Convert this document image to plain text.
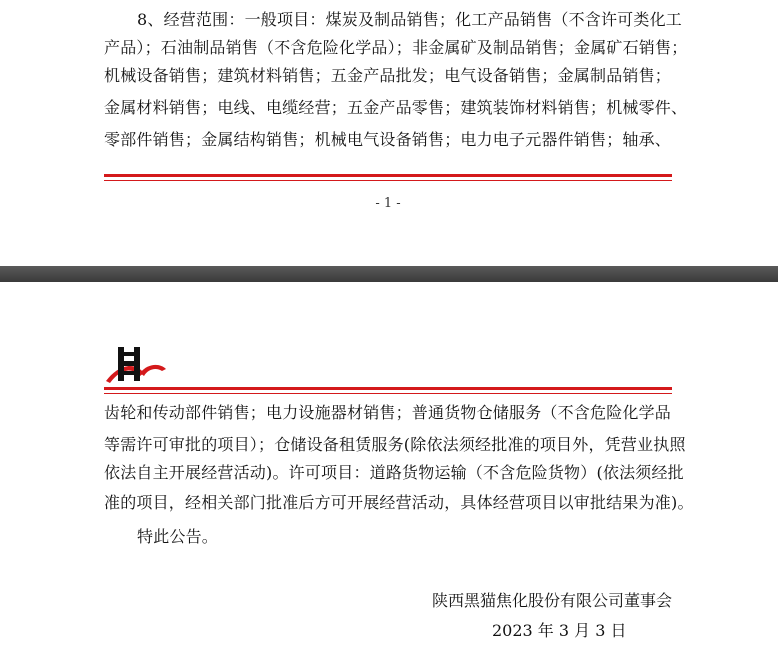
8、经营范围：一般项目：煤炭及制品销售；化工产品销售（不含许可类化工
产品）；石油制品销售（不含危险化学品）；非金属矿及制品销售；金属矿石销售；
机械设备销售；建筑材料销售；五金产品批发；电气设备销售；金属制品销售；
金属材料销售；电线、电缆经营；五金产品零售；建筑装饰材料销售；机械零件、
零部件销售；金属结构销售；机械电气设备销售；电力电子元器件销售；轴承、
- 1 -
齿轮和传动部件销售；电力设施器材销售；普通货物仓储服务（不含危险化学品
等需许可审批的项目）；仓储设备租赁服务(除依法须经批准的项目外，凭营业执照
依法自主开展经营活动)。许可项目：道路货物运输（不含危险货物）(依法须经批
准的项目，经相关部门批准后方可开展经营活动，具体经营项目以审批结果为准)。
特此公告。
陕西黑猫焦化股份有限公司董事会
2023 年 3 月 3 日
